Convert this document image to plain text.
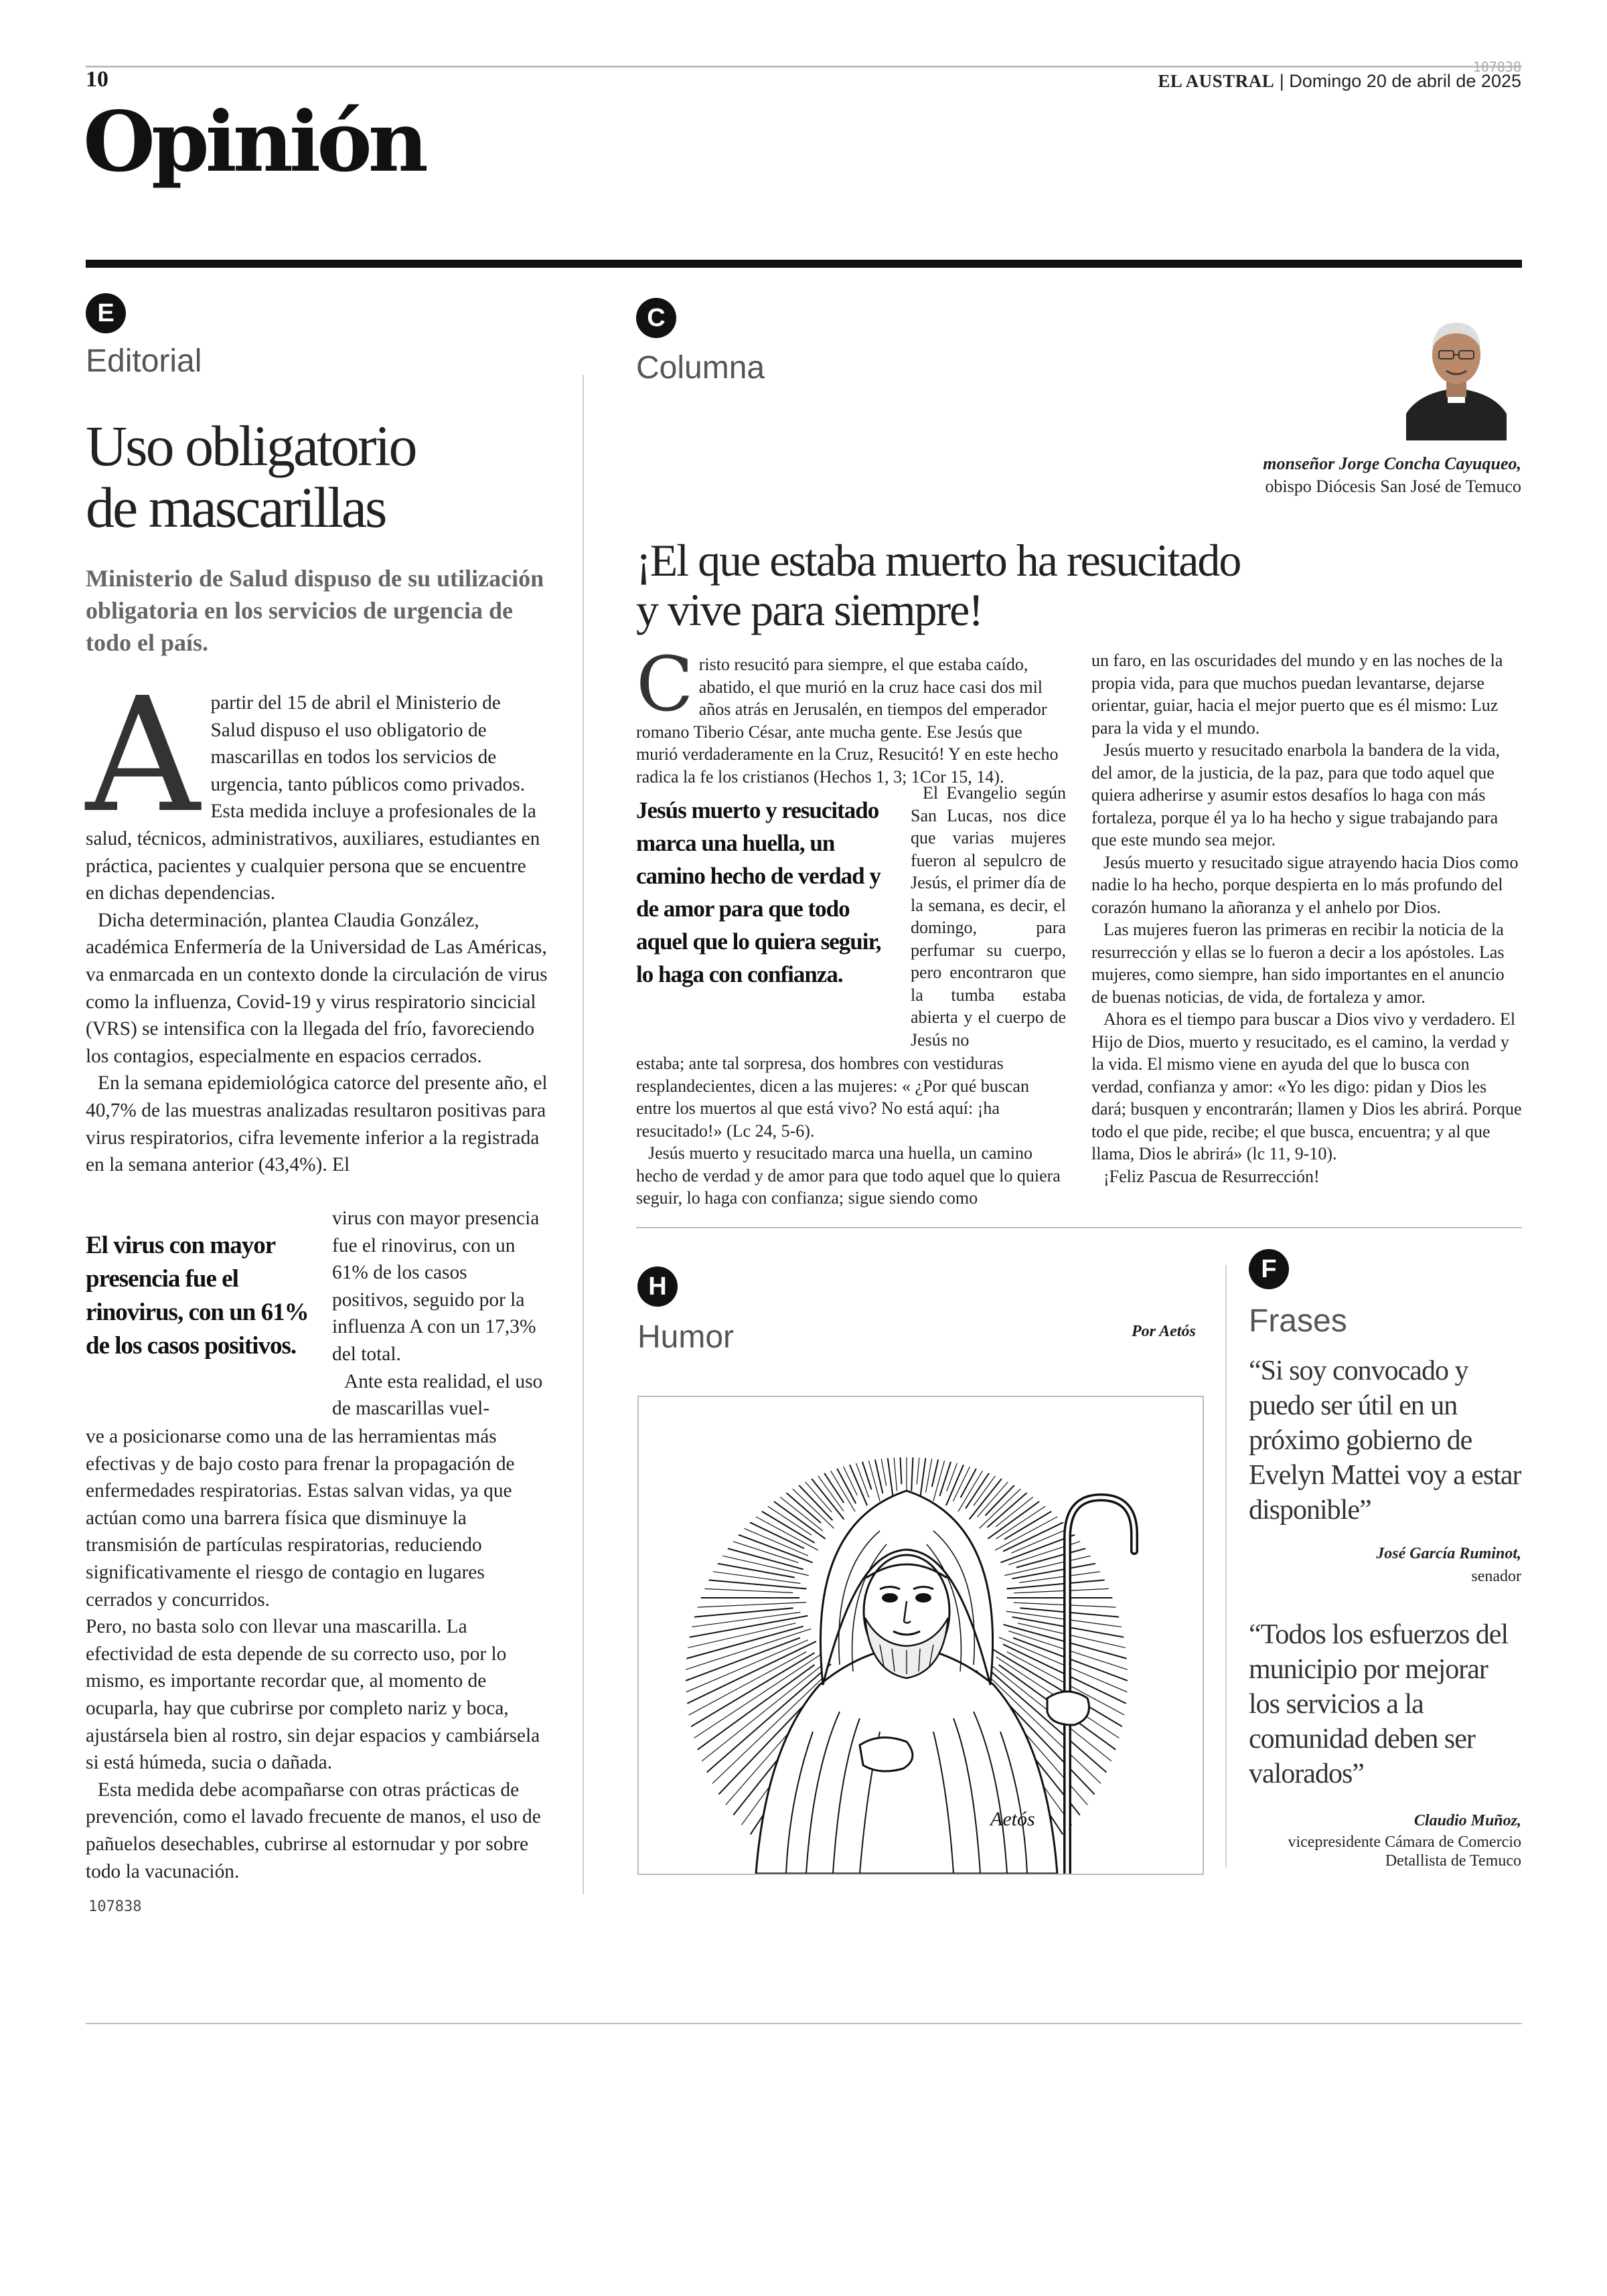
10	107838
EL AUSTRAL | Domingo 20 de abril de 2025
Opinión
E
Editorial
Uso obligatorio
de mascarillas
Ministerio de Salud dispuso de su utilización obligatoria en los servicios de urgencia de todo el país.
A partir del 15 de abril el Ministerio de Salud dispuso el uso obligatorio de mascarillas en todos los servicios de urgencia, tanto públicos como privados. Esta medida incluye a profesionales de la salud, técnicos, administrativos, auxiliares, estudiantes en práctica, pacientes y cualquier persona que se encuentre en dichas dependencias.

Dicha determinación, plantea Claudia González, académica Enfermería de la Universidad de Las Américas, va enmarcada en un contexto donde la circulación de virus como la influenza, Covid-19 y virus respiratorio sincicial (VRS) se intensifica con la llegada del frío, favoreciendo los contagios, especialmente en espacios cerrados.

En la semana epidemiológica catorce del presente año, el 40,7% de las muestras analizadas resultaron positivas para virus respiratorios, cifra levemente inferior a la registrada en la semana anterior (43,4%). El

El virus con mayor presencia fue el rinovirus, con un 61% de los casos positivos.

virus con mayor presencia fue el rinovirus, con un 61% de los casos positivos, seguido por la influenza A con un 17,3% del total.

Ante esta realidad, el uso de mascarillas vuel-

ve a posicionarse como una de las herramientas más efectivas y de bajo costo para frenar la propagación de enfermedades respiratorias. Estas salvan vidas, ya que actúan como una barrera física que disminuye la transmisión de partículas respiratorias, reduciendo significativamente el riesgo de contagio en lugares cerrados y concurridos.

Pero, no basta solo con llevar una mascarilla. La efectividad de esta depende de su correcto uso, por lo mismo, es importante recordar que, al momento de ocuparla, hay que cubrirse por completo nariz y boca, ajustársela bien al rostro, sin dejar espacios y cambiársela si está húmeda, sucia o dañada.

Esta medida debe acompañarse con otras prácticas de prevención, como el lavado frecuente de manos, el uso de pañuelos desechables, cubrirse al estornudar y por sobre todo la vacunación.

107838
C
Columna
monseñor Jorge Concha Cayuqueo,
obispo Diócesis San José de Temuco
¡El que estaba muerto ha resucitado
y vive para siempre!
C risto resucitó para siempre, el que estaba caído, abatido, el que murió en la cruz hace casi dos mil años atrás en Jerusalén, en tiempos del emperador romano Tiberio César, ante mucha gente. Ese Jesús que murió verdaderamente en la Cruz, Resucitó! Y en este hecho radica la fe los cristianos (Hechos 1, 3; 1Cor 15, 14).

Jesús muerto y resucitado marca una huella, un camino hecho de verdad y de amor para que todo aquel que lo quiera seguir, lo haga con confianza.

El Evangelio según San Lucas, nos dice que varias mujeres fueron al sepulcro de Jesús, el primer día de la semana, es decir, el domingo, para perfumar su cuerpo, pero encontraron que la tumba estaba abierta y el cuerpo de Jesús no

estaba; ante tal sorpresa, dos hombres con vestiduras resplandecientes, dicen a las mujeres: « ¿Por qué buscan entre los muertos al que está vivo? No está aquí: ¡ha resucitado!» (Lc 24, 5-6).

Jesús muerto y resucitado marca una huella, un camino hecho de verdad y de amor para que todo aquel que lo quiera seguir, lo haga con confianza; sigue siendo como

un faro, en las oscuridades del mundo y en las noches de la propia vida, para que muchos puedan levantarse, dejarse orientar, guiar, hacia el mejor puerto que es él mismo: Luz para la vida y el mundo.

Jesús muerto y resucitado enarbola la bandera de la vida, del amor, de la justicia, de la paz, para que todo aquel que quiera adherirse y asumir estos desafíos lo haga con más fortaleza, porque él ya lo ha hecho y sigue trabajando para que este mundo sea mejor.

Jesús muerto y resucitado sigue atrayendo hacia Dios como nadie lo ha hecho, porque despierta en lo más profundo del corazón humano la añoranza y el anhelo por Dios.

Las mujeres fueron las primeras en recibir la noticia de la resurrección y ellas se lo fueron a decir a los apóstoles. Las mujeres, como siempre, han sido importantes en el anuncio de buenas noticias, de vida, de fortaleza y amor.

Ahora es el tiempo para buscar a Dios vivo y verdadero. El Hijo de Dios, muerto y resucitado, es el camino, la verdad y la vida. El mismo viene en ayuda del que lo busca con verdad, confianza y amor: «Yo les digo: pidan y Dios les dará; busquen y encontrarán; llamen y Dios les abrirá. Porque todo el que pide, recibe; el que busca, encuentra; y al que llama, Dios le abrirá» (lc 11, 9-10).

¡Feliz Pascua de Resurrección!

H
Humor	Por Aetós
Aetós
F
Frases
“Si soy convocado y puedo ser útil en un próximo gobierno de Evelyn Mattei voy a estar disponible”
José García Ruminot,
senador
“Todos los esfuerzos del municipio por mejorar los servicios a la comunidad deben ser valorados”
Claudio Muñoz,
vicepresidente Cámara de Comercio
Detallista de Temuco
